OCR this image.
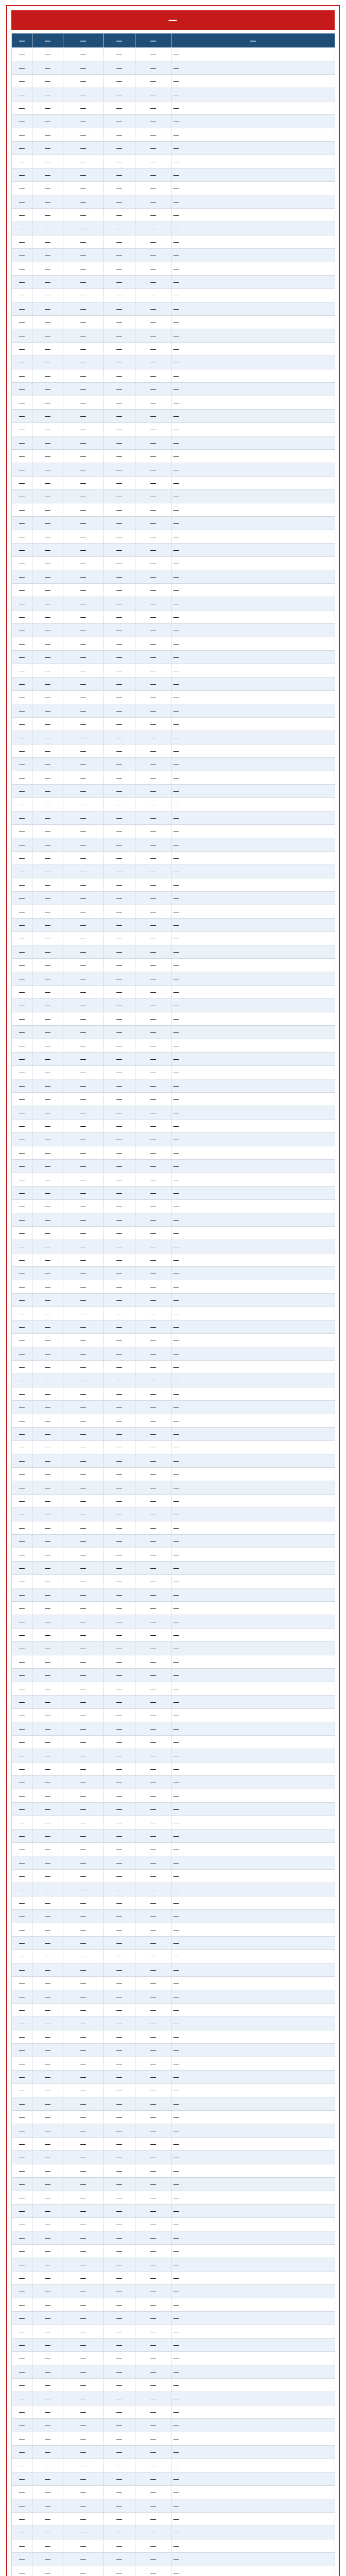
—
—	—	—	—	—	—
—	—	—	—	—	—
—	—	—	—	—	—
—	—	—	—	—	—
—	—	—	—	—	—
—	—	—	—	—	—
—	—	—	—	—	—
—	—	—	—	—	—
—	—	—	—	—	—
—	—	—	—	—	—
—	—	—	—	—	—
—	—	—	—	—	—
—	—	—	—	—	—
—	—	—	—	—	—
—	—	—	—	—	—
—	—	—	—	—	—
—	—	—	—	—	—
—	—	—	—	—	—
—	—	—	—	—	—
—	—	—	—	—	—
—	—	—	—	—	—
—	—	—	—	—	—
—	—	—	—	—	—
—	—	—	—	—	—
—	—	—	—	—	—
—	—	—	—	—	—
—	—	—	—	—	—
—	—	—	—	—	—
—	—	—	—	—	—
—	—	—	—	—	—
—	—	—	—	—	—
—	—	—	—	—	—
—	—	—	—	—	—
—	—	—	—	—	—
—	—	—	—	—	—
—	—	—	—	—	—
—	—	—	—	—	—
—	—	—	—	—	—
—	—	—	—	—	—
—	—	—	—	—	—
—	—	—	—	—	—
—	—	—	—	—	—
—	—	—	—	—	—
—	—	—	—	—	—
—	—	—	—	—	—
—	—	—	—	—	—
—	—	—	—	—	—
—	—	—	—	—	—
—	—	—	—	—	—
—	—	—	—	—	—
—	—	—	—	—	—
—	—	—	—	—	—
—	—	—	—	—	—
—	—	—	—	—	—
—	—	—	—	—	—
—	—	—	—	—	—
—	—	—	—	—	—
—	—	—	—	—	—
—	—	—	—	—	—
—	—	—	—	—	—
—	—	—	—	—	—
—	—	—	—	—	—
—	—	—	—	—	—
—	—	—	—	—	—
—	—	—	—	—	—
—	—	—	—	—	—
—	—	—	—	—	—
—	—	—	—	—	—
—	—	—	—	—	—
—	—	—	—	—	—
—	—	—	—	—	—
—	—	—	—	—	—
—	—	—	—	—	—
—	—	—	—	—	—
—	—	—	—	—	—
—	—	—	—	—	—
—	—	—	—	—	—
—	—	—	—	—	—
—	—	—	—	—	—
—	—	—	—	—	—
—	—	—	—	—	—
—	—	—	—	—	—
—	—	—	—	—	—
—	—	—	—	—	—
—	—	—	—	—	—
—	—	—	—	—	—
—	—	—	—	—	—
—	—	—	—	—	—
—	—	—	—	—	—
—	—	—	—	—	—
—	—	—	—	—	—
—	—	—	—	—	—
—	—	—	—	—	—
—	—	—	—	—	—
—	—	—	—	—	—
—	—	—	—	—	—
—	—	—	—	—	—
—	—	—	—	—	—
—	—	—	—	—	—
—	—	—	—	—	—
—	—	—	—	—	—
—	—	—	—	—	—
—	—	—	—	—	—
—	—	—	—	—	—
—	—	—	—	—	—
—	—	—	—	—	—
—	—	—	—	—	—
—	—	—	—	—	—
—	—	—	—	—	—
—	—	—	—	—	—
—	—	—	—	—	—
—	—	—	—	—	—
—	—	—	—	—	—
—	—	—	—	—	—
—	—	—	—	—	—
—	—	—	—	—	—
—	—	—	—	—	—
—	—	—	—	—	—
—	—	—	—	—	—
—	—	—	—	—	—
—	—	—	—	—	—
—	—	—	—	—	—
—	—	—	—	—	—
—	—	—	—	—	—
—	—	—	—	—	—
—	—	—	—	—	—
—	—	—	—	—	—
—	—	—	—	—	—
—	—	—	—	—	—
—	—	—	—	—	—
—	—	—	—	—	—
—	—	—	—	—	—
—	—	—	—	—	—
—	—	—	—	—	—
—	—	—	—	—	—
—	—	—	—	—	—
—	—	—	—	—	—
—	—	—	—	—	—
—	—	—	—	—	—
—	—	—	—	—	—
—	—	—	—	—	—
—	—	—	—	—	—
—	—	—	—	—	—
—	—	—	—	—	—
—	—	—	—	—	—
—	—	—	—	—	—
—	—	—	—	—	—
—	—	—	—	—	—
—	—	—	—	—	—
—	—	—	—	—	—
—	—	—	—	—	—
—	—	—	—	—	—
—	—	—	—	—	—
—	—	—	—	—	—
—	—	—	—	—	—
—	—	—	—	—	—
—	—	—	—	—	—
—	—	—	—	—	—
—	—	—	—	—	—
—	—	—	—	—	—
—	—	—	—	—	—
—	—	—	—	—	—
—	—	—	—	—	—
—	—	—	—	—	—
—	—	—	—	—	—
—	—	—	—	—	—
—	—	—	—	—	—
—	—	—	—	—	—
—	—	—	—	—	—
—	—	—	—	—	—
—	—	—	—	—	—
—	—	—	—	—	—
—	—	—	—	—	—
—	—	—	—	—	—
—	—	—	—	—	—
—	—	—	—	—	—
—	—	—	—	—	—
—	—	—	—	—	—
—	—	—	—	—	—
—	—	—	—	—	—
—	—	—	—	—	—
—	—	—	—	—	—
—	—	—	—	—	—
—	—	—	—	—	—
—	—	—	—	—	—
—	—	—	—	—	—
—	—	—	—	—	—
—	—	—	—	—	—
—	—	—	—	—	—
—	—	—	—	—	—
